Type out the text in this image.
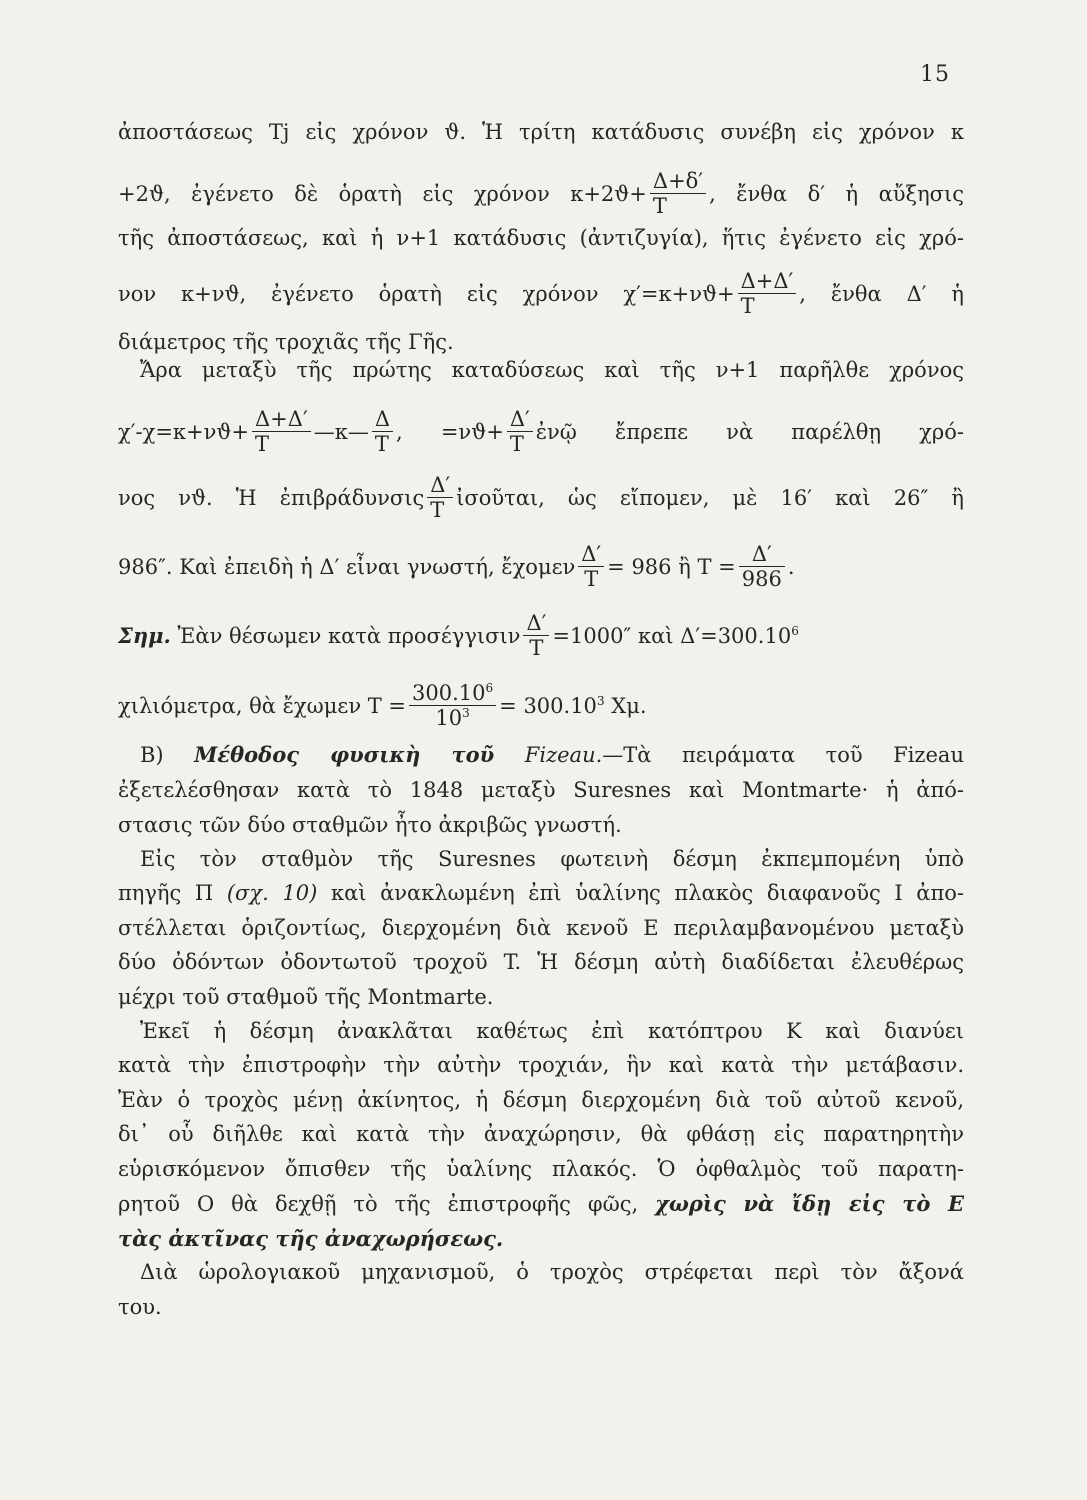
15
ἀποστάσεως Tj εἰς χρόνον ϑ. Ἡ τρίτη κατάδυσις συνέβη εἰς χρόνον κ
+2ϑ, ἐγένετο δὲ ὁρατὴ εἰς χρόνον $\kappa+2ϑ+ \frac{\Delta+\delta'}{T}$ , ἔνθα δ′ ἡ αὔξησις
τῆς ἀποστάσεως, καὶ ἡ ν+1 κατάδυσις (ἀντιζυγία), ἥτις ἐγένετο εἰς χρό-
νον κ+νϑ, ἐγένετο ὁρατὴ εἰς χρόνον $\chi'=\kappa+\nu ϑ+ \frac{\Delta+\Delta'}{T}$ , ἔνθα Δ′ ἡ
διάμετρος τῆς τροχιᾶς τῆς Γῆς.
Ἄρα μεταξὺ τῆς πρώτης καταδύσεως καὶ τῆς ν+1 παρῆλθε χρόνος
$\chi'-\chi=\kappa+\nu ϑ+ \frac{\Delta+\Delta'}{T}$ —κ— $\frac{\Delta}{T}$ , $=\nu ϑ+ \frac{\Delta'}{T}$ ἐνῷ ἔπρεπε νὰ παρέλθῃ χρό-
νος νϑ. Ἡ ἐπιβράδυνσις $\frac{\Delta'}{T}$ ἰσοῦται, ὡς εἴπομεν, μὲ 16′ καὶ 26″ ἢ
986″. Καὶ ἐπειδὴ ἡ Δ′ εἶναι γνωστή, ἔχομεν $\frac{\Delta'}{T} = 986$ ἢ $T = \frac{\Delta'}{986}$ .
Σημ. Ἐὰν θέσωμεν κατὰ προσέγγισιν $\frac{\Delta'}{T} =1000''$ καὶ $\Delta'=300.10^6$
χιλιόμετρα, θὰ ἔχωμεν $T = \frac{300.10^6}{10^3} = 300.10^3$ Χμ.
B) Μέθοδος φυσικὴ τοῦ Fizeau.—Τὰ πειράματα τοῦ Fizeau
ἐξετελέσθησαν κατὰ τὸ 1848 μεταξὺ Suresnes καὶ Montmarte· ἡ ἀπό-
στασις τῶν δύο σταθμῶν ἦτο ἀκριβῶς γνωστή.
Εἰς τὸν σταθμὸν τῆς Suresnes φωτεινὴ δέσμη ἐκπεμπομένη ὑπὸ
πηγῆς Π (σχ. 10) καὶ ἀνακλωμένη ἐπὶ ὑαλίνης πλακὸς διαφανοῦς I ἀπο-
στέλλεται ὁριζοντίως, διερχομένη διὰ κενοῦ E περιλαμβανομένου μεταξὺ
δύο ὀδόντων ὀδοντωτοῦ τροχοῦ T. Ἡ δέσμη αὐτὴ διαδίδεται ἐλευθέρως
μέχρι τοῦ σταθμοῦ τῆς Montmarte.
Ἐκεῖ ἡ δέσμη ἀνακλᾶται καθέτως ἐπὶ κατόπτρου K καὶ διανύει
κατὰ τὴν ἐπιστροφὴν τὴν αὐτὴν τροχιάν, ἣν καὶ κατὰ τὴν μετάβασιν.
Ἐὰν ὁ τροχὸς μένῃ ἀκίνητος, ἡ δέσμη διερχομένη διὰ τοῦ αὐτοῦ κενοῦ,
δι᾽ οὗ διῆλθε καὶ κατὰ τὴν ἀναχώρησιν, θὰ φθάσῃ εἰς παρατηρητὴν
εὑρισκόμενον ὄπισθεν τῆς ὑαλίνης πλακός. Ὁ ὀφθαλμὸς τοῦ παρατη-
ρητοῦ O θὰ δεχθῇ τὸ τῆς ἐπιστροφῆς φῶς, χωρὶς νὰ ἴδῃ εἰς τὸ E
τὰς ἀκτῖνας τῆς ἀναχωρήσεως.
Διὰ ὡρολογιακοῦ μηχανισμοῦ, ὁ τροχὸς στρέφεται περὶ τὸν ἄξονά
του.
